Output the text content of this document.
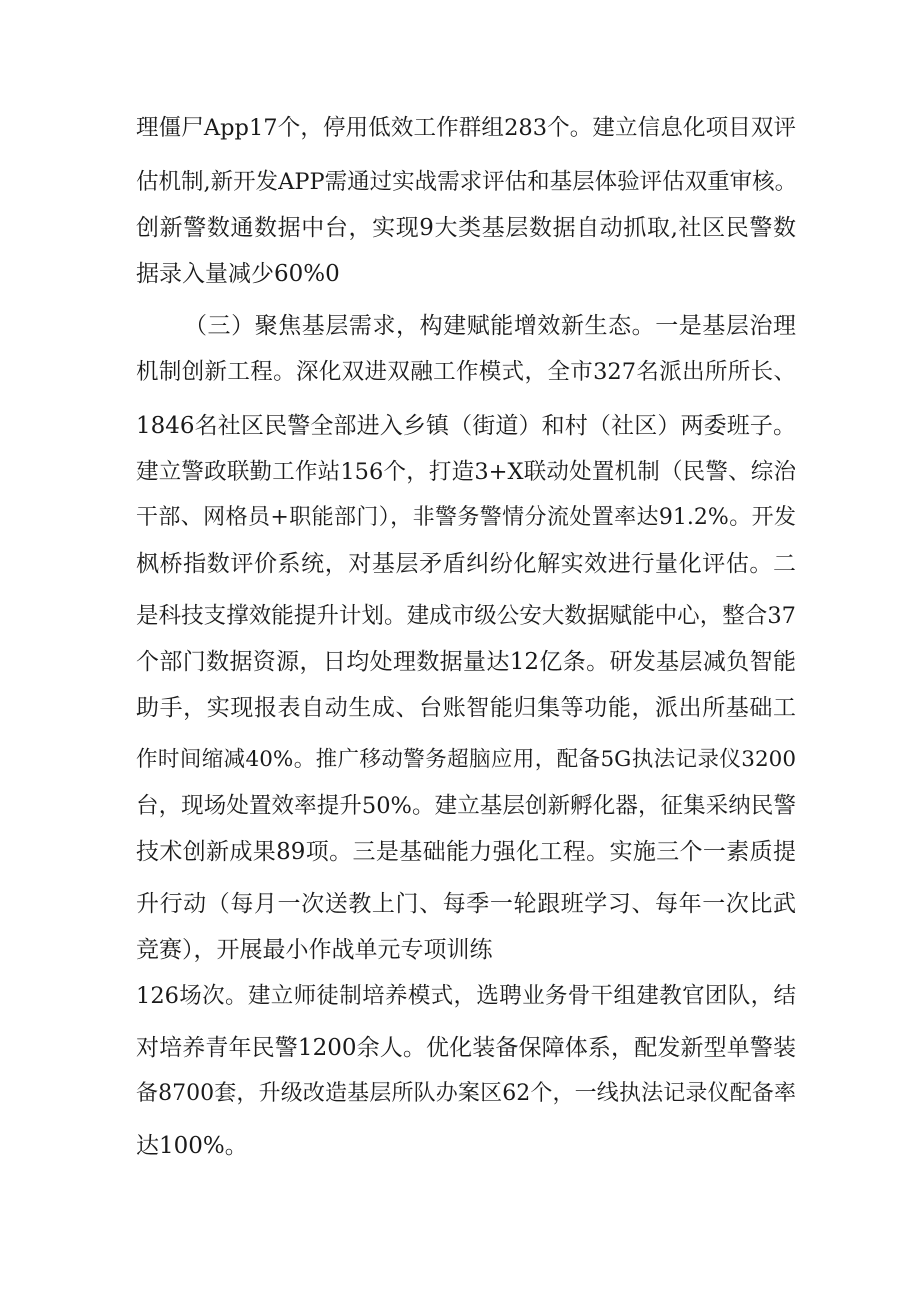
理僵尸App17个，停用低效工作群组283个。建立信息化项目双评
估机制,新开发APP需通过实战需求评估和基层体验评估双重审核。
创新警数通数据中台，实现9大类基层数据自动抓取,社区民警数
据录入量减少60%0
（三）聚焦基层需求，构建赋能增效新生态。一是基层治理
机制创新工程。深化双进双融工作模式，全市327名派出所所长、
1846名社区民警全部进入乡镇（街道）和村（社区）两委班子。
建立警政联勤工作站156个，打造3+X联动处置机制（民警、综治
干部、网格员+职能部门），非警务警情分流处置率达91.2%。开发
枫桥指数评价系统，对基层矛盾纠纷化解实效进行量化评估。二
是科技支撑效能提升计划。建成市级公安大数据赋能中心，整合37
个部门数据资源，日均处理数据量达12亿条。研发基层减负智能
助手，实现报表自动生成、台账智能归集等功能，派出所基础工
作时间缩减40%。推广移动警务超脑应用，配备5G执法记录仪3200
台，现场处置效率提升50%。建立基层创新孵化器，征集采纳民警
技术创新成果89项。三是基础能力强化工程。实施三个一素质提
升行动（每月一次送教上门、每季一轮跟班学习、每年一次比武
竞赛），开展最小作战单元专项训练
126场次。建立师徒制培养模式，选聘业务骨干组建教官团队，结
对培养青年民警1200余人。优化装备保障体系，配发新型单警装
备8700套，升级改造基层所队办案区62个，一线执法记录仪配备率
达100%。
